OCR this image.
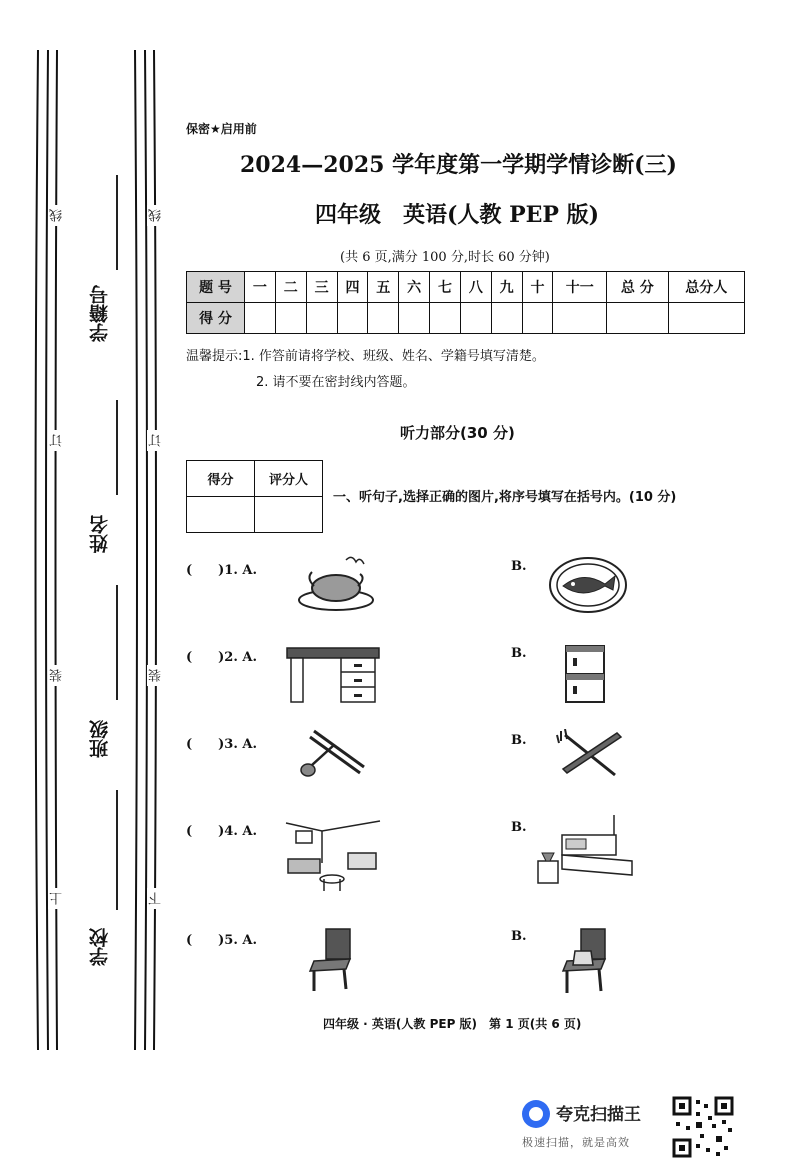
线
订
装
上
线
订
装
下
学籍号
姓名
班级
学校
保密★启用前
2024—2025 学年度第一学期学情诊断(三)
四年级　英语(人教 PEP 版)
(共 6 页,满分 100 分,时长 60 分钟)
题 号	一	二	三	四	五	六	七	八	九	十	十一	总 分	总分人
得 分													
温馨提示:1. 作答前请将学校、班级、姓名、学籍号填写清楚。
2. 请不要在密封线内答题。
听力部分(30 分)
得分	评分人

一、听句子,选择正确的图片,将序号填写在括号内。(10 分)
(　　)1. A.	B.
(　　)2. A.	B.
(　　)3. A.	B.
(　　)4. A.	B.
(　　)5. A.	B.
四年级 · 英语(人教 PEP 版)　第 1 页(共 6 页)
夸克扫描王
极速扫描，就是高效
